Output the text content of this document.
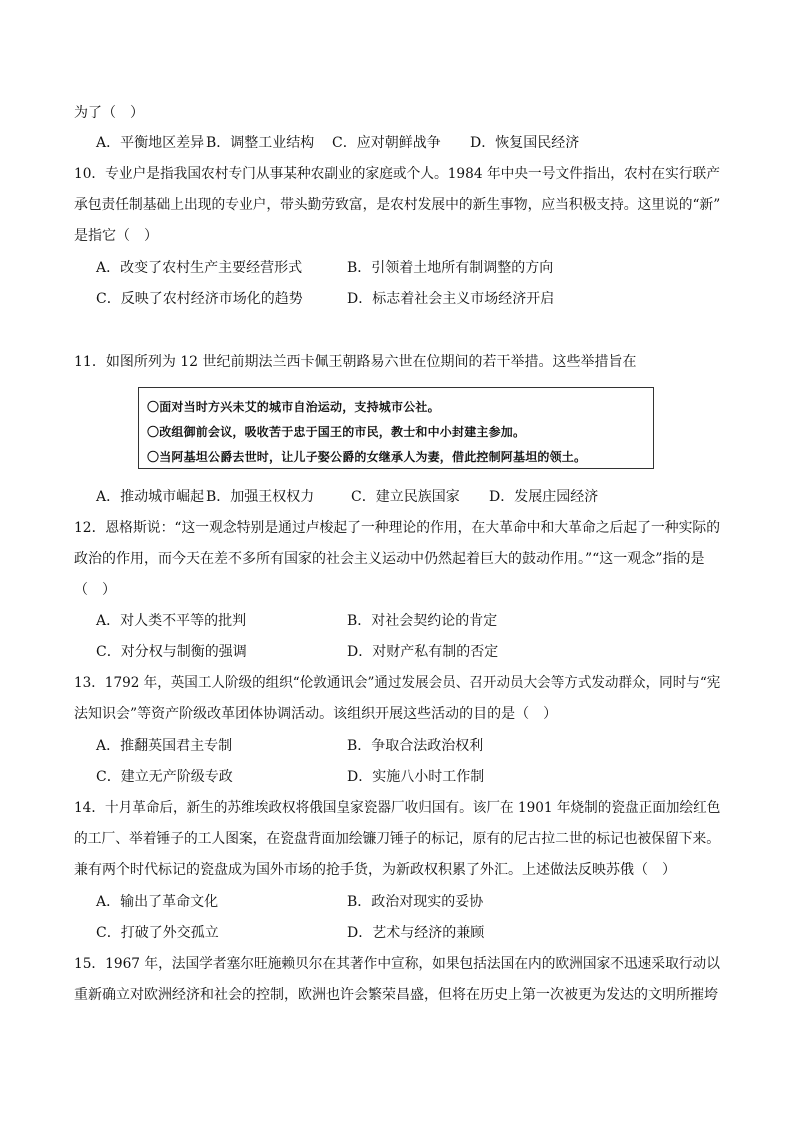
为了（　）
A．平衡地区差异 B．调整工业结构 C．应对朝鲜战争 D．恢复国民经济
10．专业户是指我国农村专门从事某种农副业的家庭或个人。1984 年中央一号文件指出，农村在实行联产
承包责任制基础上出现的专业户，带头勤劳致富，是农村发展中的新生事物，应当积极支持。这里说的“新”
是指它（　）
A．改变了农村生产主要经营形式	B．引领着土地所有制调整的方向
C．反映了农村经济市场化的趋势	D．标志着社会主义市场经济开启
11．如图所列为 12 世纪前期法兰西卡佩王朝路易六世在位期间的若干举措。这些举措旨在
〇面对当时方兴未艾的城市自治运动，支持城市公社。
〇改组御前会议，吸收苦于忠于国王的市民，教士和中小封建主参加。
〇当阿基坦公爵去世时，让儿子娶公爵的女继承人为妻，借此控制阿基坦的领土。
A．推动城市崛起 B．加强王权权力	C．建立民族国家 D．发展庄园经济
12．恩格斯说：“这一观念特别是通过卢梭起了一种理论的作用，在大革命中和大革命之后起了一种实际的
政治的作用，而今天在差不多所有国家的社会主义运动中仍然起着巨大的鼓动作用。”“这一观念”指的是
（　）
A．对人类不平等的批判	B．对社会契约论的肯定
C．对分权与制衡的强调	D．对财产私有制的否定
13．1792 年，英国工人阶级的组织“伦敦通讯会”通过发展会员、召开动员大会等方式发动群众，同时与“宪
法知识会”等资产阶级改革团体协调活动。该组织开展这些活动的目的是（　）
A．推翻英国君主专制	B．争取合法政治权利
C．建立无产阶级专政	D．实施八小时工作制
14．十月革命后，新生的苏维埃政权将俄国皇家瓷器厂收归国有。该厂在 1901 年烧制的瓷盘正面加绘红色
的工厂、举着锤子的工人图案，在瓷盘背面加绘镰刀锤子的标记，原有的尼古拉二世的标记也被保留下来。
兼有两个时代标记的瓷盘成为国外市场的抢手货，为新政权积累了外汇。上述做法反映苏俄（　）
A．输出了革命文化	B．政治对现实的妥协
C．打破了外交孤立	D．艺术与经济的兼顾
15．1967 年，法国学者塞尔旺施赖贝尔在其著作中宣称，如果包括法国在内的欧洲国家不迅速采取行动以
重新确立对欧洲经济和社会的控制，欧洲也许会繁荣昌盛，但将在历史上第一次被更为发达的文明所摧垮
